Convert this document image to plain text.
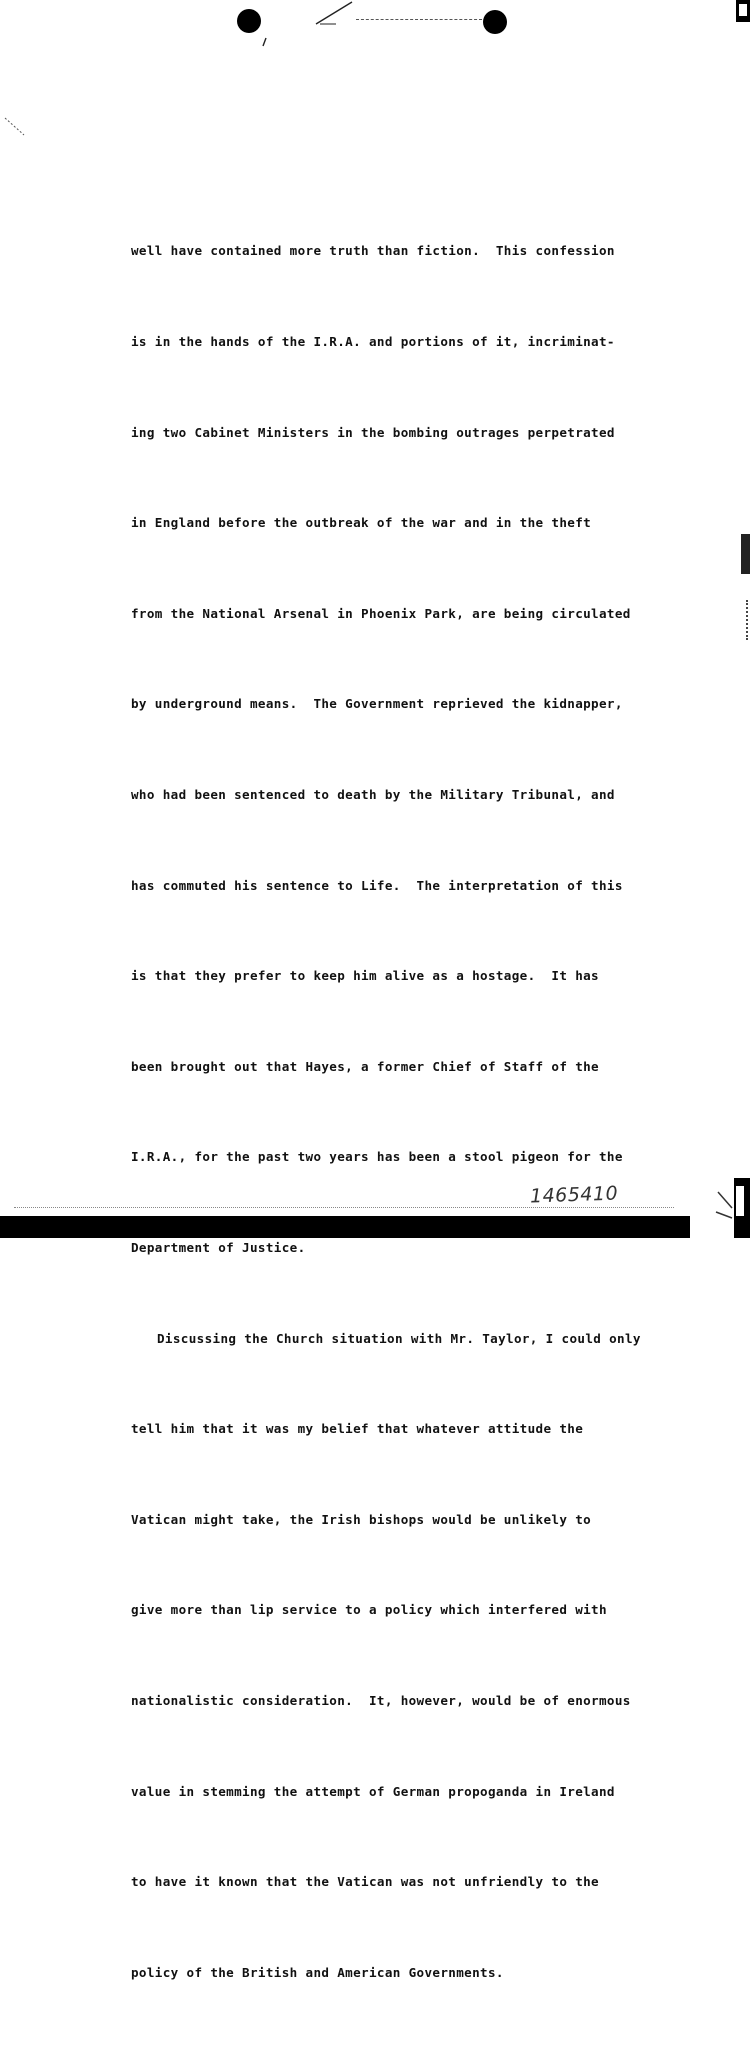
well have contained more truth than fiction.  This confession

is in the hands of the I.R.A. and portions of it, incriminat-

ing two Cabinet Ministers in the bombing outrages perpetrated

in England before the outbreak of the war and in the theft

from the National Arsenal in Phoenix Park, are being circulated

by underground means.  The Government reprieved the kidnapper,

who had been sentenced to death by the Military Tribunal, and

has commuted his sentence to Life.  The interpretation of this

is that they prefer to keep him alive as a hostage.  It has

been brought out that Hayes, a former Chief of Staff of the

I.R.A., for the past two years has been a stool pigeon for the

Department of Justice.

Discussing the Church situation with Mr. Taylor, I could only

tell him that it was my belief that whatever attitude the

Vatican might take, the Irish bishops would be unlikely to

give more than lip service to a policy which interfered with

nationalistic consideration.  It, however, would be of enormous

value in stemming the attempt of German propoganda in Ireland

to have it known that the Vatican was not unfriendly to the

policy of the British and American Governments.

1465410
